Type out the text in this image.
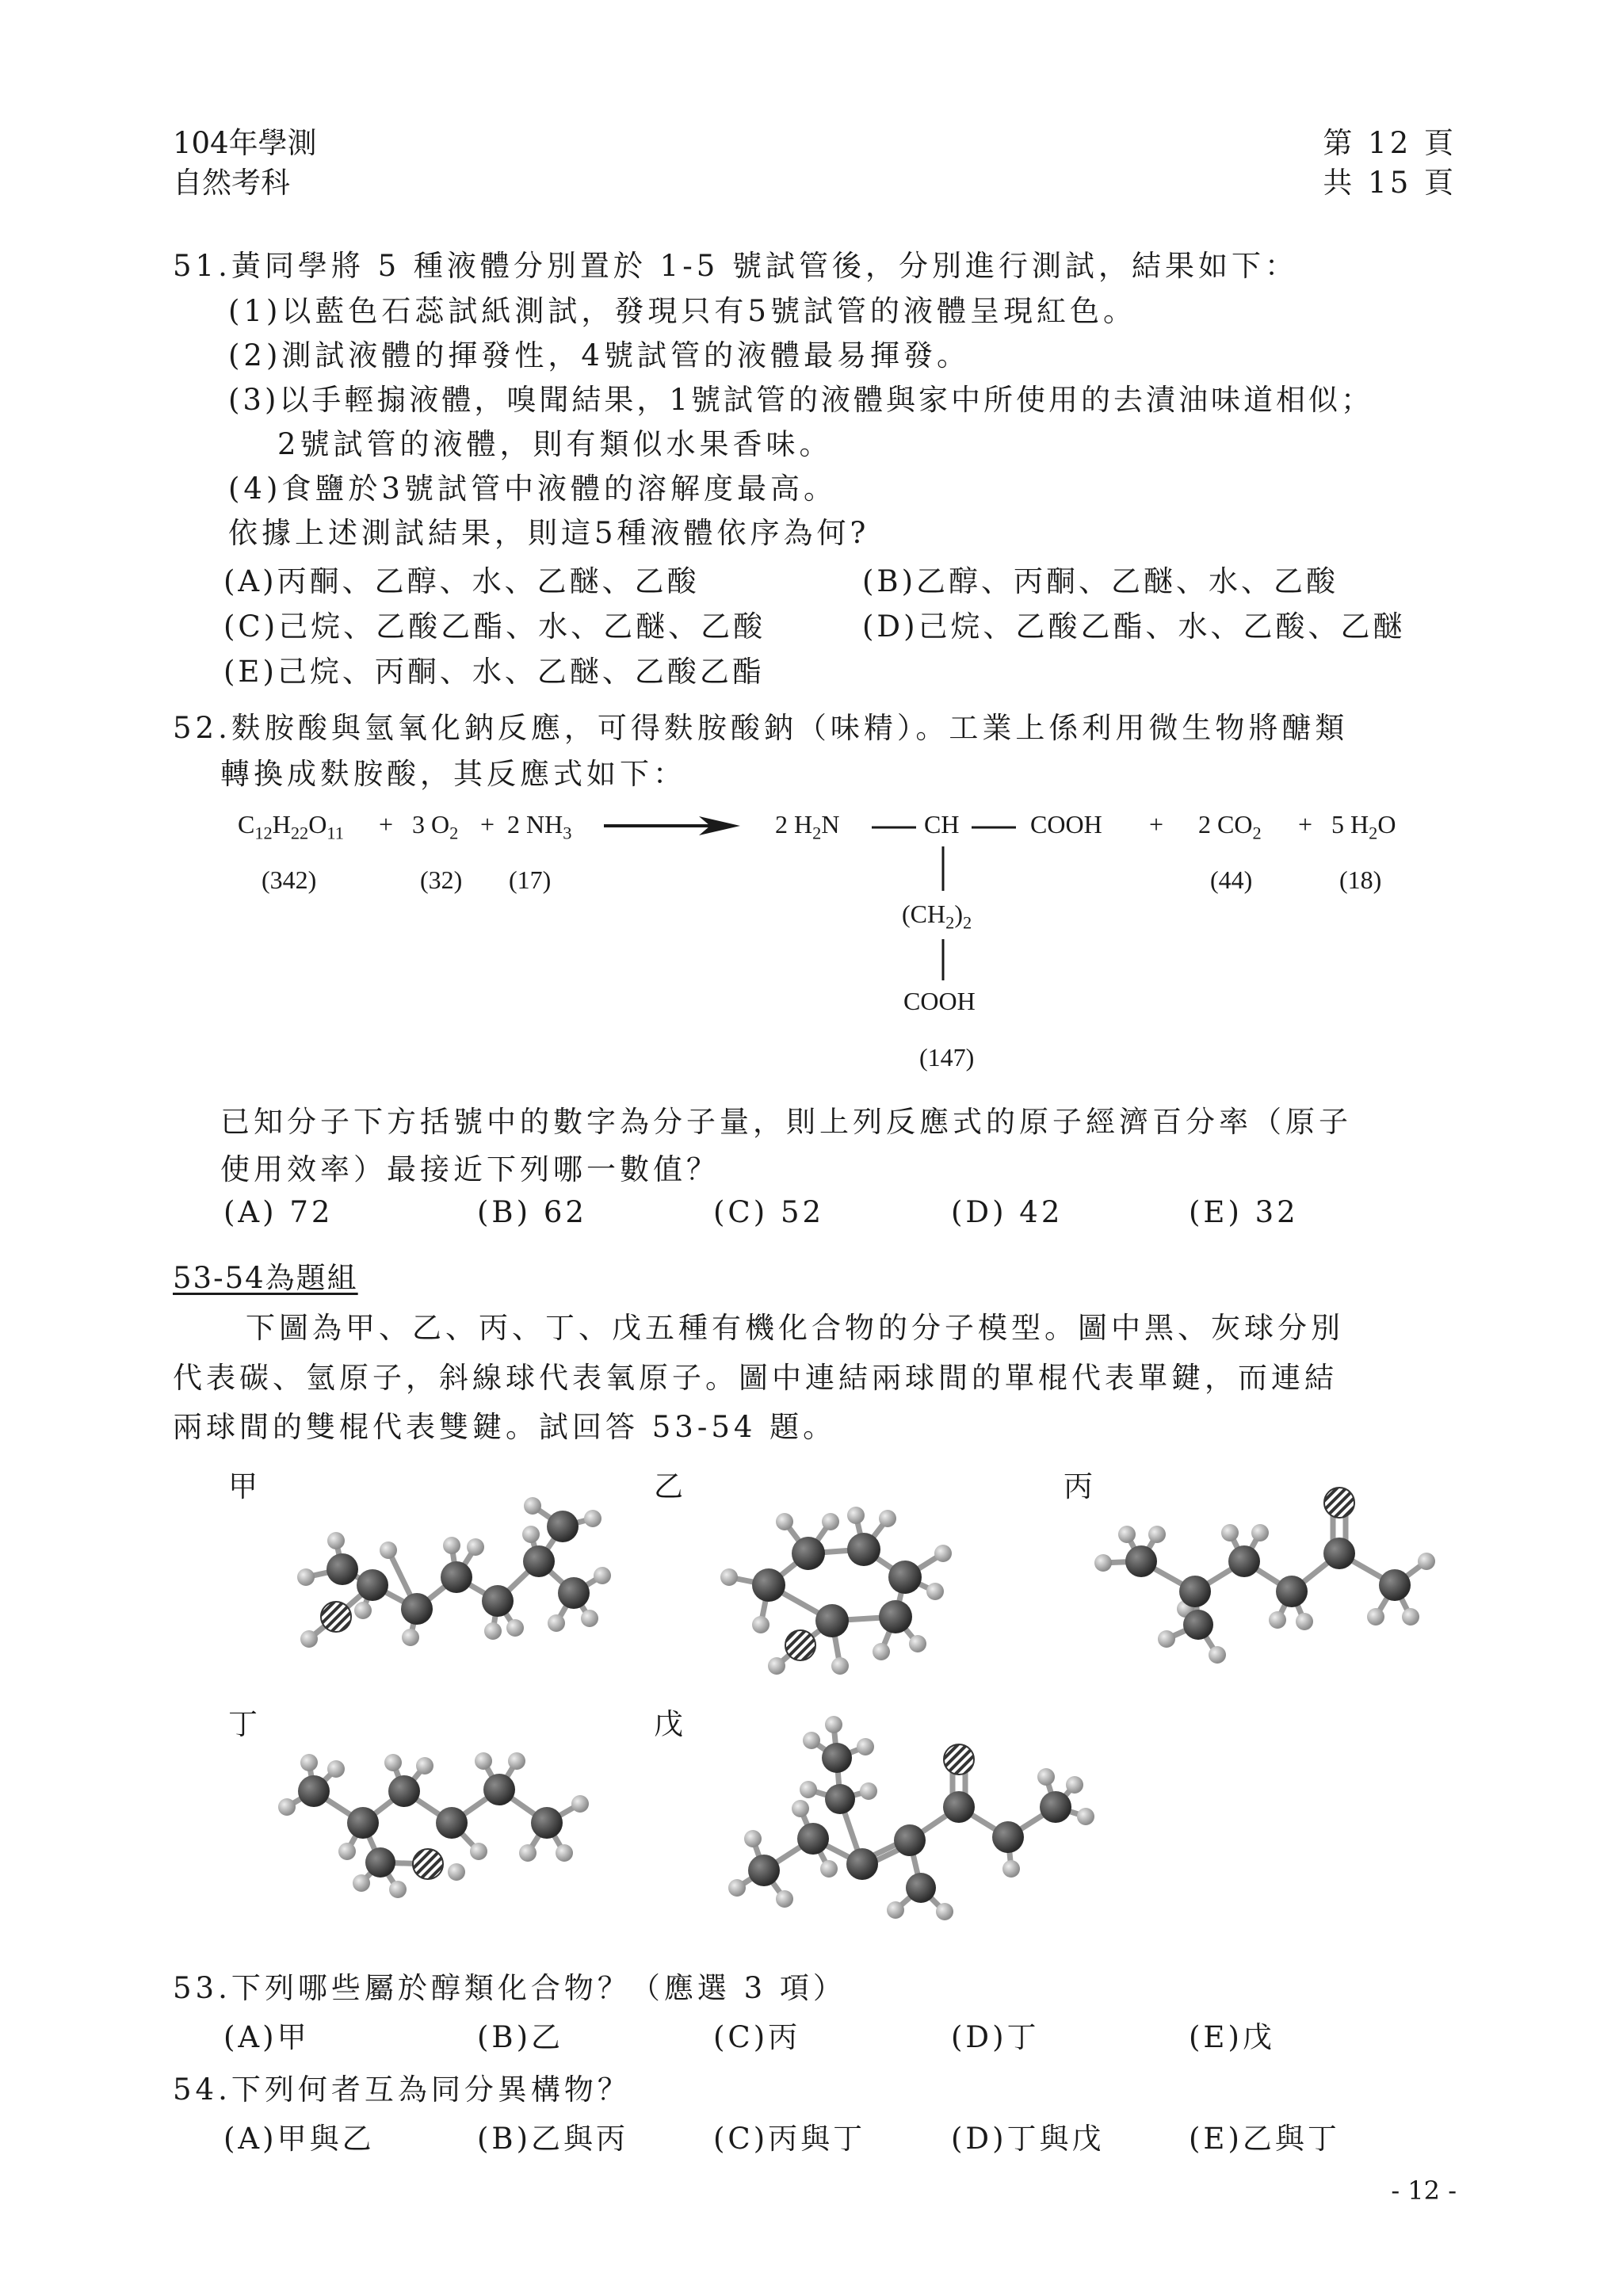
104年學測
自然考科
第 12 頁
共 15 頁
51.黃同學將 5 種液體分別置於 1-5 號試管後，分別進行測試，結果如下：
(1)以藍色石蕊試紙測試，發現只有5號試管的液體呈現紅色。
(2)測試液體的揮發性，4號試管的液體最易揮發。
(3)以手輕搧液體，嗅聞結果，1號試管的液體與家中所使用的去漬油味道相似；
2號試管的液體，則有類似水果香味。
(4)食鹽於3號試管中液體的溶解度最高。
依據上述測試結果，則這5種液體依序為何?
(A)丙酮、乙醇、水、乙醚、乙酸	(B)乙醇、丙酮、乙醚、水、乙酸
(C)己烷、乙酸乙酯、水、乙醚、乙酸	(D)己烷、乙酸乙酯、水、乙酸、乙醚
(E)己烷、丙酮、水、乙醚、乙酸乙酯
52.麩胺酸與氫氧化鈉反應，可得麩胺酸鈉（味精）。工業上係利用微生物將醣類
轉換成麩胺酸，其反應式如下：
$C_{12}H_{22}O_{11} + 3$ $O_2 + 2$ $NH_3$	2 $H_2N$	CH	COOH + 2 $CO_2 + 5$ $H_2O$
$(CH_2)_2$
COOH
(342)	(32) (17)	(44)	(18)
(147)
已知分子下方括號中的數字為分子量，則上列反應式的原子經濟百分率（原子
使用效率）最接近下列哪一數值？
(A) 72	(B) 62	(C) 52	(D) 42	(E) 32
53-54為題組
下圖為甲、乙、丙、丁、戊五種有機化合物的分子模型。圖中黑、灰球分別
代表碳、氫原子，斜線球代表氧原子。圖中連結兩球間的單棍代表單鍵，而連結
兩球間的雙棍代表雙鍵。試回答 53-54 題。
甲	乙	丙
丁	戊
53.下列哪些屬於醇類化合物？（應選 3 項）
(A)甲	(B)乙	(C)丙	(D)丁	(E)戊
54.下列何者互為同分異構物？
(A)甲與乙	(B)乙與丙	(C)丙與丁	(D)丁與戊	(E)乙與丁
- 12 -
